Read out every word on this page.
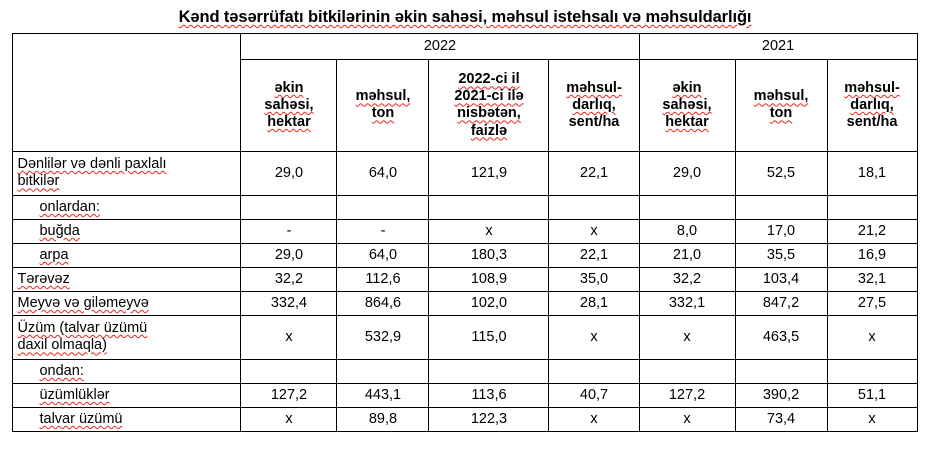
Kənd təsərrüfatı bitkilərinin əkin sahəsi, məhsul istehsalı və məhsuldarlığı
	2022				2021		
	əkin
sahəsi,
hektar	məhsul,
ton	2022-ci il
2021-ci ilə
nisbətən,
faizlə	məhsul-
darlıq,
sent/ha	əkin
sahəsi,
hektar	məhsul,
ton	məhsul-
darlıq,
sent/ha
Dənlilər və dənli paxlalı
bitkilər	29,0	64,0	121,9	22,1	29,0	52,5	18,1
onlardan:							
buğda	-	-	x	x	8,0	17,0	21,2
arpa	29,0	64,0	180,3	22,1	21,0	35,5	16,9
Tərəvəz	32,2	112,6	108,9	35,0	32,2	103,4	32,1
Meyvə və giləmeyvə	332,4	864,6	102,0	28,1	332,1	847,2	27,5
Üzüm (talvar üzümü
daxil olmaqla)	x	532,9	115,0	x	x	463,5	x
ondan:							
üzümlüklər	127,2	443,1	113,6	40,7	127,2	390,2	51,1
talvar üzümü	x	89,8	122,3	x	x	73,4	x
